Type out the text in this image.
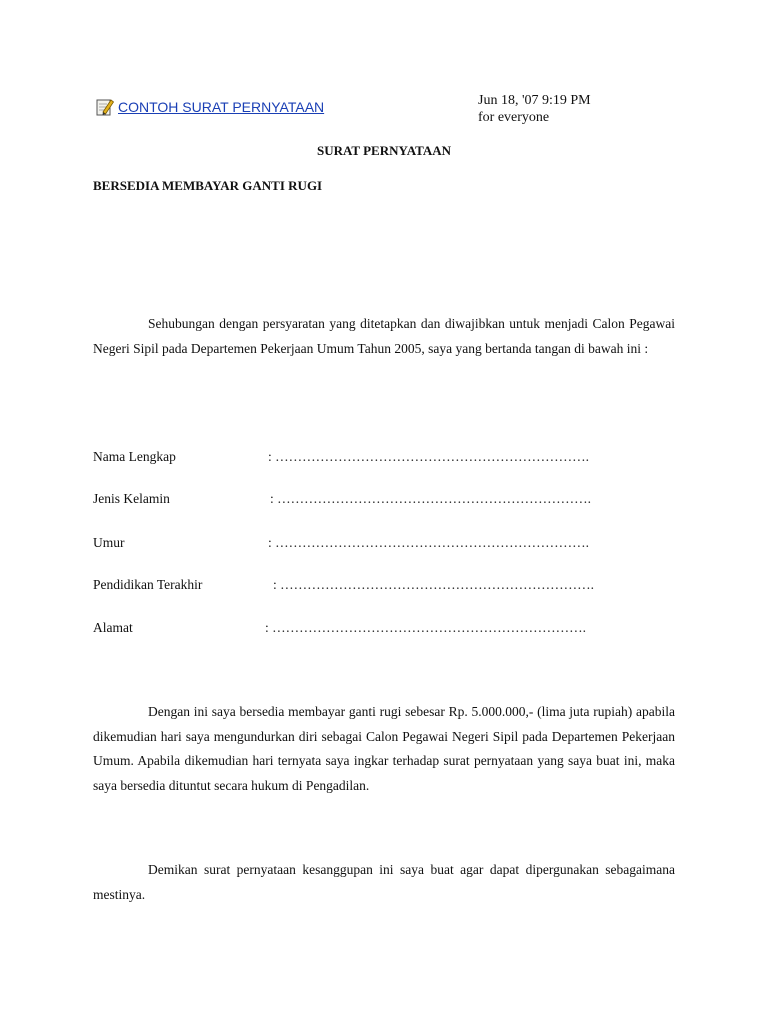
CONTOH SURAT PERNYATAAN	Jun 18, '07 9:19 PM
for everyone
SURAT PERNYATAAN
BERSEDIA MEMBAYAR GANTI RUGI

Sehubungan dengan persyaratan yang ditetapkan dan diwajibkan untuk menjadi Calon Pegawai Negeri Sipil pada Departemen Pekerjaan Umum Tahun 2005, saya yang bertanda tangan di bawah ini :

Nama Lengkap	: …………………………………………………………….
Jenis Kelamin	: …………………………………………………………….
Umur	: …………………………………………………………….
Pendidikan Terakhir	: …………………………………………………………….
Alamat	: …………………………………………………………….

Dengan ini saya bersedia membayar ganti rugi sebesar Rp. 5.000.000,- (lima juta rupiah) apabila dikemudian hari saya mengundurkan diri sebagai Calon Pegawai Negeri Sipil pada Departemen Pekerjaan Umum. Apabila dikemudian hari ternyata saya ingkar terhadap surat pernyataan yang saya buat ini, maka saya bersedia dituntut secara hukum di Pengadilan.

Demikan surat pernyataan kesanggupan ini saya buat agar dapat dipergunakan sebagaimana mestinya.
